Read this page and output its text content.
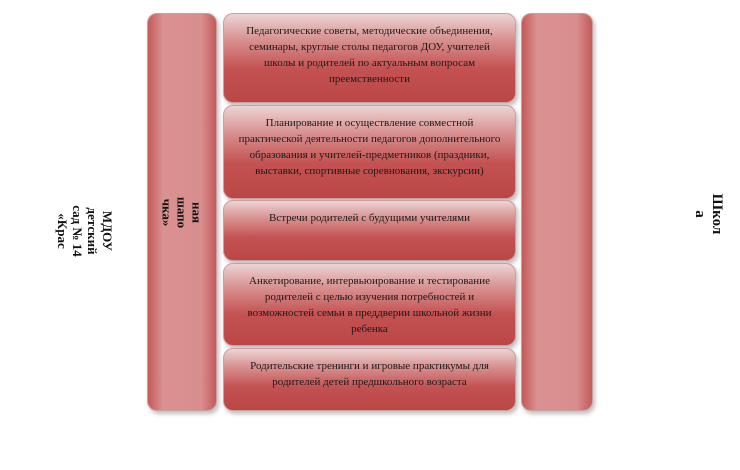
МДОУ
детский
сад № 14
«Крас
ная
шапо
чка»
Педагогические советы, методические объединения, семинары, круглые столы педагогов ДОУ, учителей школы и родителей по актуальным вопросам преемственности
Планирование и осуществление совместной практической деятельности педагогов дополнительного образования и учителей-предметников (праздники, выставки, спортивные соревнования, экскурсии)
Встречи родителей с будущими учителями
Анкетирование, интервьюирование и тестирование родителей с целью изучения потребностей и возможностей семьи в преддверии школьной жизни ребенка
Родительские тренинги и игровые практикумы для родителей детей предшкольного возраста
Школ
а
